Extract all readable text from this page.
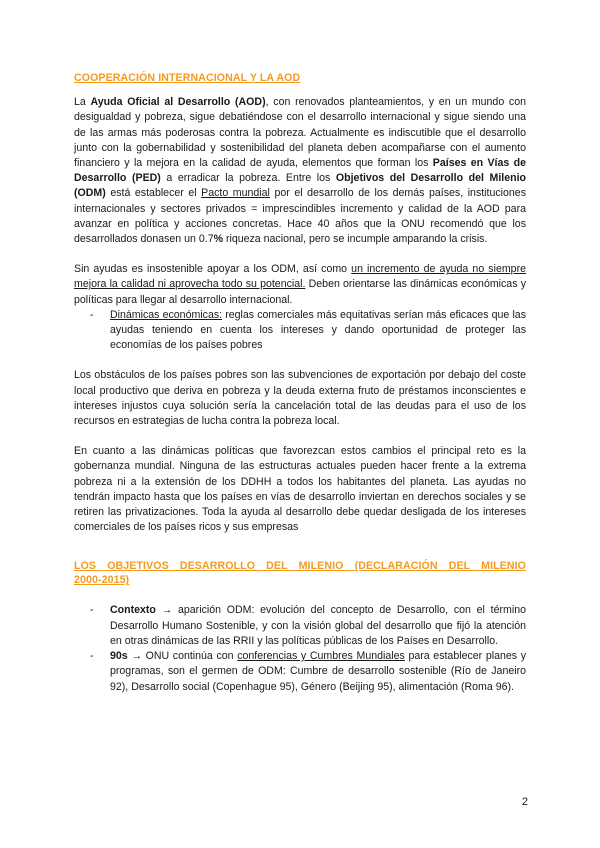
COOPERACIÓN INTERNACIONAL Y LA AOD

La Ayuda Oficial al Desarrollo (AOD), con renovados planteamientos, y en un mundo con desigualdad y pobreza, sigue debatiéndose con el desarrollo internacional y sigue siendo una de las armas más poderosas contra la pobreza. Actualmente es indiscutible que el desarrollo junto con la gobernabilidad y sostenibilidad del planeta deben acompañarse con el aumento financiero y la mejora en la calidad de ayuda, elementos que forman los Países en Vías de Desarrollo (PED) a erradicar la pobreza. Entre los Objetivos del Desarrollo del Milenio (ODM) está establecer el Pacto mundial por el desarrollo de los demás países, instituciones internacionales y sectores privados = imprescindibles incremento y calidad de la AOD para avanzar en política y acciones concretas. Hace 40 años que la ONU recomendó que los desarrollados donasen un 0.7% riqueza nacional, pero se incumple amparando la crisis.

Sin ayudas es insostenible apoyar a los ODM, así como un incremento de ayuda no siempre mejora la calidad ni aprovecha todo su potencial. Deben orientarse las dinámicas económicas y políticas para llegar al desarrollo internacional.

- Dinámicas económicas: reglas comerciales más equitativas serían más eficaces que las ayudas teniendo en cuenta los intereses y dando oportunidad de proteger las economías de los países pobres

Los obstáculos de los países pobres son las subvenciones de exportación por debajo del coste local productivo que deriva en pobreza y la deuda externa fruto de préstamos inconscientes e intereses injustos cuya solución sería la cancelación total de las deudas para el uso de los recursos en estrategias de lucha contra la pobreza local.

En cuanto a las dinámicas políticas que favorezcan estos cambios el principal reto es la gobernanza mundial. Ninguna de las estructuras actuales pueden hacer frente a la extrema pobreza ni a la extensión de los DDHH a todos los habitantes del planeta. Las ayudas no tendrán impacto hasta que los países en vías de desarrollo inviertan en derechos sociales y se retiren las privatizaciones. Toda la ayuda al desarrollo debe quedar desligada de los intereses comerciales de los países ricos y sus empresas

LOS OBJETIVOS DESARROLLO DEL MILENIO (DECLARACIÓN DEL MILENIO
2000-2015)
- Contexto → aparición ODM: evolución del concepto de Desarrollo, con el término Desarrollo Humano Sostenible, y con la visión global del desarrollo que fijó la atención en otras dinámicas de las RRII y las políticas públicas de los Países en Desarrollo.
- 90s → ONU continúa con conferencias y Cumbres Mundiales para establecer planes y programas, son el germen de ODM: Cumbre de desarrollo sostenible (Río de Janeiro 92), Desarrollo social (Copenhague 95), Género (Beijing 95), alimentación (Roma 96).
2
